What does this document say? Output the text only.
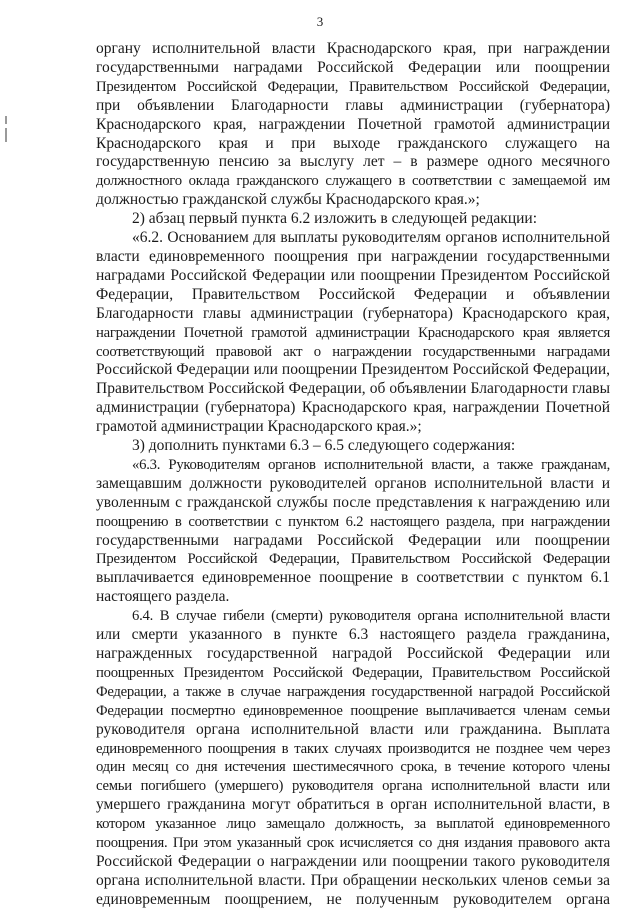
3
органу исполнительной власти Краснодарского края, при награждении
государственными наградами Российской Федерации или поощрении
Президентом Российской Федерации, Правительством Российской Федерации,
при объявлении Благодарности главы администрации (губернатора)
Краснодарского края, награждении Почетной грамотой администрации
Краснодарского края и при выходе гражданского служащего на
государственную пенсию за выслугу лет – в размере одного месячного
должностного оклада гражданского служащего в соответствии с замещаемой им
должностью гражданской службы Краснодарского края.»;
2) абзац первый пункта 6.2 изложить в следующей редакции:
«6.2. Основанием для выплаты руководителям органов исполнительной
власти единовременного поощрения при награждении государственными
наградами Российской Федерации или поощрении Президентом Российской
Федерации, Правительством Российской Федерации и объявлении
Благодарности главы администрации (губернатора) Краснодарского края,
награждении Почетной грамотой администрации Краснодарского края является
соответствующий правовой акт о награждении государственными наградами
Российской Федерации или поощрении Президентом Российской Федерации,
Правительством Российской Федерации, об объявлении Благодарности главы
администрации (губернатора) Краснодарского края, награждении Почетной
грамотой администрации Краснодарского края.»;
3) дополнить пунктами 6.3 – 6.5 следующего содержания:
«6.3. Руководителям органов исполнительной власти, а также гражданам,
замещавшим должности руководителей органов исполнительной власти и
уволенным с гражданской службы после представления к награждению или
поощрению в соответствии с пунктом 6.2 настоящего раздела, при награждении
государственными наградами Российской Федерации или поощрении
Президентом Российской Федерации, Правительством Российской Федерации
выплачивается единовременное поощрение в соответствии с пунктом 6.1
настоящего раздела.
6.4. В случае гибели (смерти) руководителя органа исполнительной власти
или смерти указанного в пункте 6.3 настоящего раздела гражданина,
награжденных государственной наградой Российской Федерации или
поощренных Президентом Российской Федерации, Правительством Российской
Федерации, а также в случае награждения государственной наградой Российской
Федерации посмертно единовременное поощрение выплачивается членам семьи
руководителя органа исполнительной власти или гражданина. Выплата
единовременного поощрения в таких случаях производится не позднее чем через
один месяц со дня истечения шестимесячного срока, в течение которого члены
семьи погибшего (умершего) руководителя органа исполнительной власти или
умершего гражданина могут обратиться в орган исполнительной власти, в
котором указанное лицо замещало должность, за выплатой единовременного
поощрения. При этом указанный срок исчисляется со дня издания правового акта
Российской Федерации о награждении или поощрении такого руководителя
органа исполнительной власти. При обращении нескольких членов семьи за
единовременным поощрением, не полученным руководителем органа
